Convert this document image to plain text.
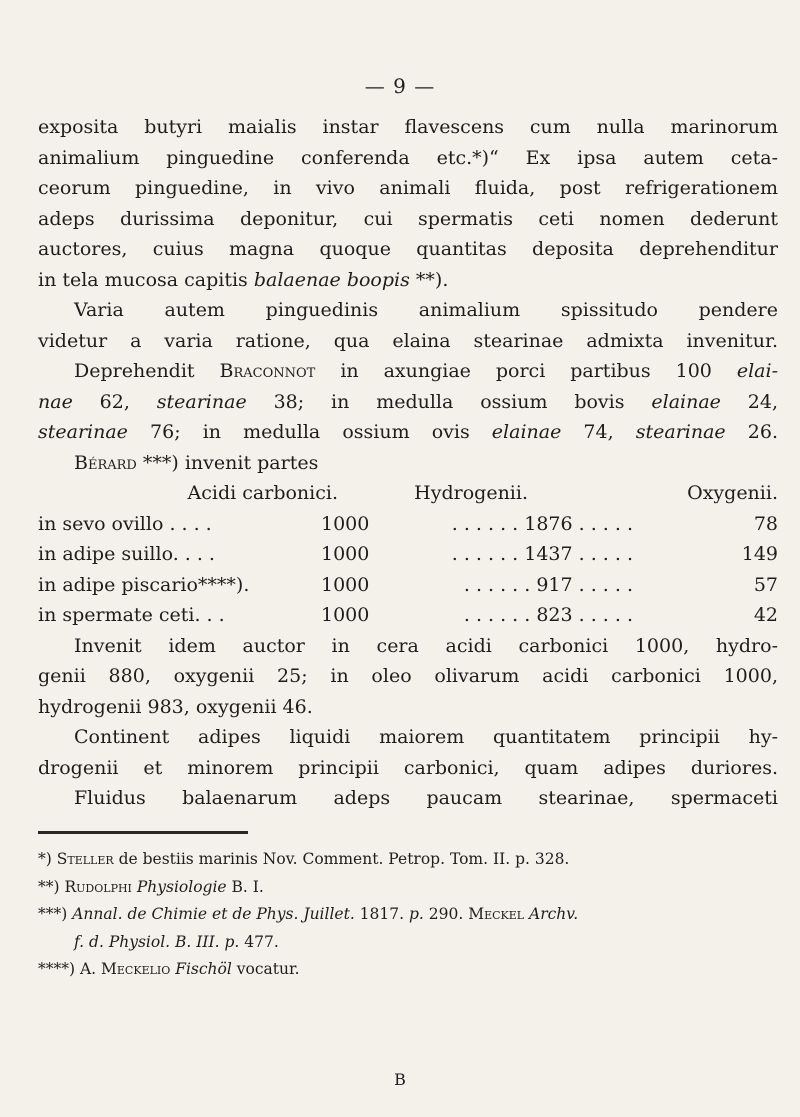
— 9 —
exposita butyri maialis instar flavescens cum nulla marinorum
animalium pinguedine conferenda etc.*)“ Ex ipsa autem ceta-
ceorum pinguedine, in vivo animali fluida, post refrigerationem
adeps durissima deponitur, cui spermatis ceti nomen dederunt
auctores, cuius magna quoque quantitas deposita deprehenditur
in tela mucosa capitis balaenae boopis **).
Varia autem pinguedinis animalium spissitudo pendere
videtur a varia ratione, qua elaina stearinae admixta invenitur.
Deprehendit Braconnot in axungiae porci partibus 100 elai-
nae 62, stearinae 38; in medulla ossium bovis elainae 24,
stearinae 76; in medulla ossium ovis elainae 74, stearinae 26.
Bérard ***) invenit partes
Acidi carbonici.	Hydrogenii.	Oxygenii.
in sevo ovillo . . . .	1000	. . . . . . 1876 . . . . .	78
in adipe suillo. . . .	1000	. . . . . . 1437 . . . . .	149
in adipe piscario****).	1000	. . . . . . 917 . . . . .	57
in spermate ceti. . .	1000	. . . . . . 823 . . . . .	42
Invenit idem auctor in cera acidi carbonici 1000, hydro-
genii 880, oxygenii 25; in oleo olivarum acidi carbonici 1000,
hydrogenii 983, oxygenii 46.
Continent adipes liquidi maiorem quantitatem principii hy-
drogenii et minorem principii carbonici, quam adipes duriores.
Fluidus balaenarum adeps paucam stearinae, spermaceti
*) Steller de bestiis marinis Nov. Comment. Petrop. Tom. II. p. 328.
**) Rudolphi Physiologie B. I.
***) Annal. de Chimie et de Phys. Juillet. 1817. p. 290. Meckel Archv.
f. d. Physiol. B. III. p. 477.
****) A. Meckelio Fischöl vocatur.
B
